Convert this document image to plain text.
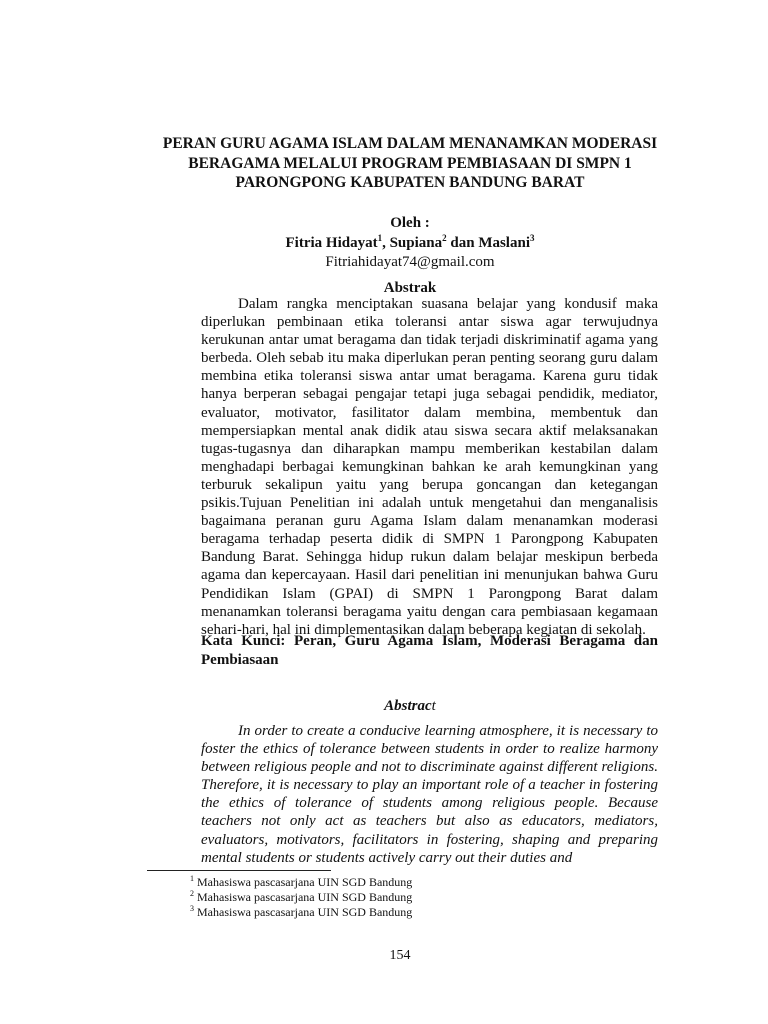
PERAN GURU AGAMA ISLAM DALAM MENANAMKAN MODERASI
BERAGAMA MELALUI PROGRAM PEMBIASAAN DI SMPN 1
PARONGPONG KABUPATEN BANDUNG BARAT
Oleh :
Fitria Hidayat$^1$, Supiana$^2$ dan Maslani$^3$
Fitriahidayat74@gmail.com
Abstrak

Dalam rangka menciptakan suasana belajar yang kondusif maka diperlukan pembinaan etika toleransi antar siswa agar terwujudnya kerukunan antar umat beragama dan tidak terjadi diskriminatif agama yang berbeda. Oleh sebab itu maka diperlukan peran penting seorang guru dalam membina etika toleransi siswa antar umat beragama. Karena guru tidak hanya berperan sebagai pengajar tetapi juga sebagai pendidik, mediator, evaluator, motivator, fasilitator dalam membina, membentuk dan mempersiapkan mental anak didik atau siswa secara aktif melaksanakan tugas-tugasnya dan diharapkan mampu memberikan kestabilan dalam menghadapi berbagai kemungkinan bahkan ke arah kemungkinan yang terburuk sekalipun yaitu yang berupa goncangan dan ketegangan psikis.Tujuan Penelitian ini adalah untuk mengetahui dan menganalisis bagaimana peranan guru Agama Islam dalam menanamkan moderasi beragama terhadap peserta didik di SMPN 1 Parongpong Kabupaten Bandung Barat. Sehingga hidup rukun dalam belajar meskipun berbeda agama dan kepercayaan. Hasil dari penelitian ini menunjukan bahwa Guru Pendidikan Islam (GPAI) di SMPN 1 Parongpong Barat dalam menanamkan toleransi beragama yaitu dengan cara pembiasaan kegamaan sehari-hari, hal ini dimplementasikan dalam beberapa kegiatan di sekolah.

Kata Kunci: Peran, Guru Agama Islam, Moderasi Beragama dan Pembiasaan

Abstract

In order to create a conducive learning atmosphere, it is necessary to foster the ethics of tolerance between students in order to realize harmony between religious people and not to discriminate against different religions. Therefore, it is necessary to play an important role of a teacher in fostering the ethics of tolerance of students among religious people. Because teachers not only act as teachers but also as educators, mediators, evaluators, motivators, facilitators in fostering, shaping and preparing mental students or students actively carry out their duties and

$^1$ Mahasiswa pascasarjana UIN SGD Bandung
$^2$ Mahasiswa pascasarjana UIN SGD Bandung
$^3$ Mahasiswa pascasarjana UIN SGD Bandung
154
